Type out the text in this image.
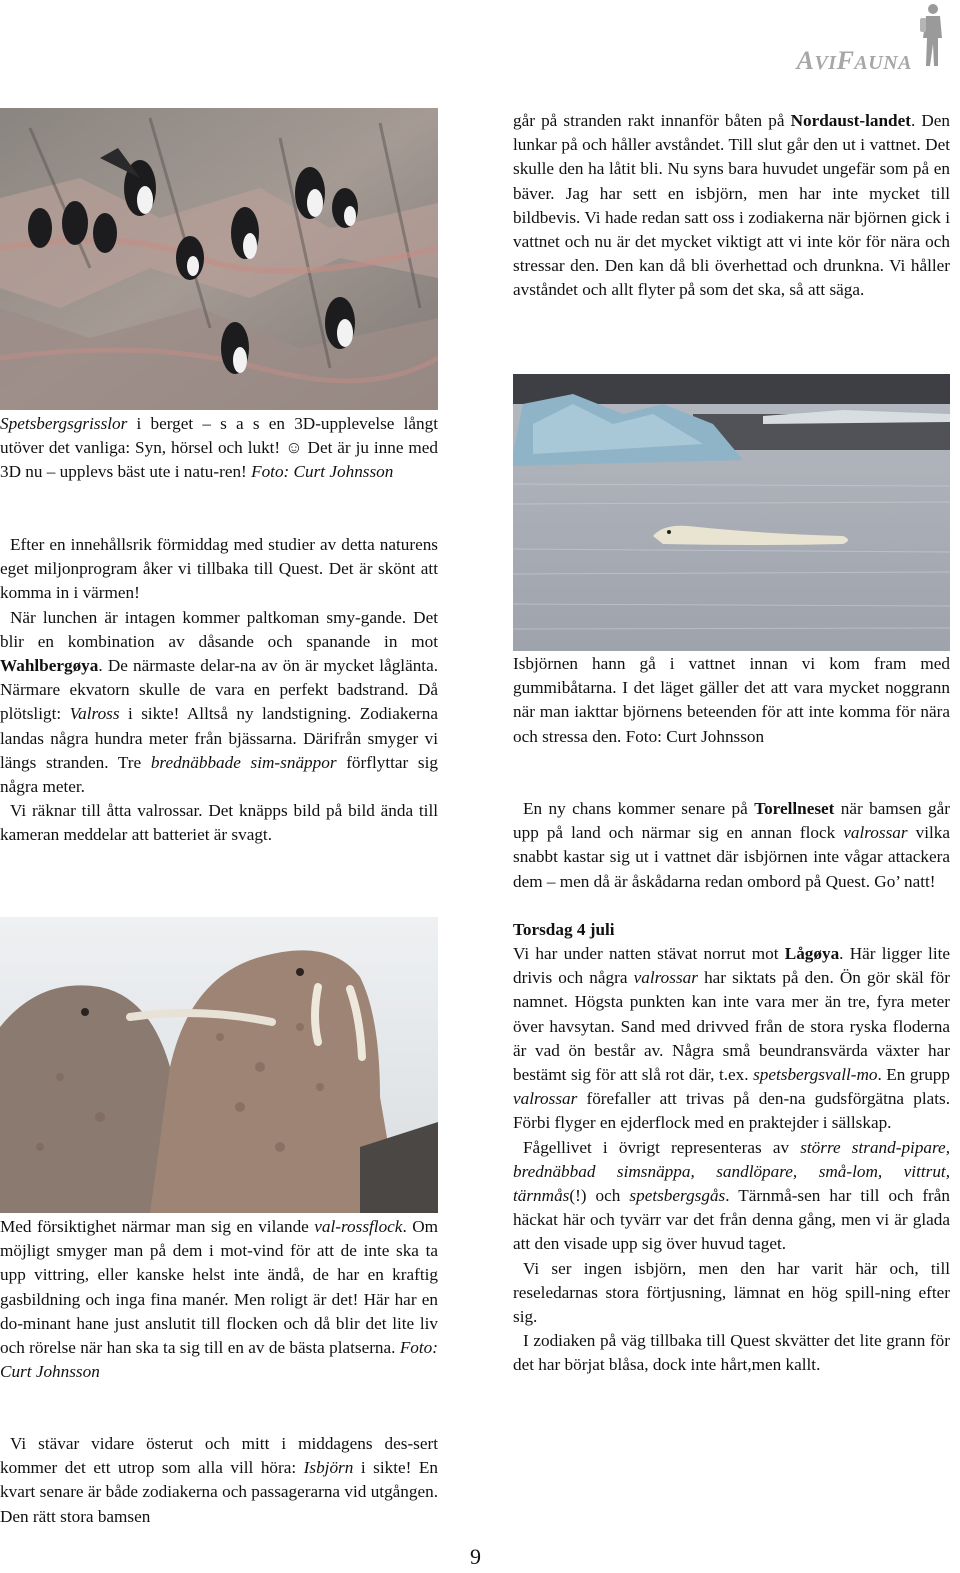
AVIFAUNA

Spetsbergsgrisslor i berget – s a s en 3D-upplevelse långt utöver det vanliga: Syn, hörsel och lukt! ☺ Det är ju inne med 3D nu – upplevs bäst ute i natu-ren! Foto: Curt Johnsson

Efter en innehållsrik förmiddag med studier av detta naturens eget miljonprogram åker vi tillbaka till Quest. Det är skönt att komma in i värmen!

När lunchen är intagen kommer paltkoman smy-gande. Det blir en kombination av dåsande och spanande in mot Wahlbergøya. De närmaste delar-na av ön är mycket låglänta. Närmare ekvatorn skulle de vara en perfekt badstrand. Då plötsligt: Valross i sikte! Alltså ny landstigning. Zodiakerna landas några hundra meter från bjässarna. Därifrån smyger vi längs stranden. Tre brednäbbade sim-snäppor förflyttar sig några meter.

Vi räknar till åtta valrossar. Det knäpps bild på bild ända till kameran meddelar att batteriet är svagt.

Med försiktighet närmar man sig en vilande val-rossflock. Om möjligt smyger man på dem i mot-vind för att de inte ska ta upp vittring, eller kanske helst inte ändå, de har en kraftig gasbildning och inga fina manér. Men roligt är det! Här har en do-minant hane just anslutit till flocken och då blir det lite liv och rörelse när han ska ta sig till en av de bästa platserna. Foto: Curt Johnsson

Vi stävar vidare österut och mitt i middagens des-sert kommer det ett utrop som alla vill höra: Isbjörn i sikte! En kvart senare är både zodiakerna och passagerarna vid utgången. Den rätt stora bamsen

går på stranden rakt innanför båten på Nordaust-landet. Den lunkar på och håller avståndet. Till slut går den ut i vattnet. Det skulle den ha låtit bli. Nu syns bara huvudet ungefär som på en bäver. Jag har sett en isbjörn, men har inte mycket till bildbevis. Vi hade redan satt oss i zodiakerna när björnen gick i vattnet och nu är det mycket viktigt att vi inte kör för nära och stressar den. Den kan då bli överhettad och drunkna. Vi håller avståndet och allt flyter på som det ska, så att säga.

Isbjörnen hann gå i vattnet innan vi kom fram med gummibåtarna. I det läget gäller det att vara mycket noggrann när man iakttar björnens beteenden för att inte komma för nära och stressa den. Foto: Curt Johnsson

En ny chans kommer senare på Torellneset när bamsen går upp på land och närmar sig en annan flock valrossar vilka snabbt kastar sig ut i vattnet där isbjörnen inte vågar attackera dem – men då är åskådarna redan ombord på Quest. Go’ natt!

Torsdag 4 juli

Vi har under natten stävat norrut mot Lågøya. Här ligger lite drivis och några valrossar har siktats på den. Ön gör skäl för namnet. Högsta punkten kan inte vara mer än tre, fyra meter över havsytan. Sand med drivved från de stora ryska floderna är vad ön består av. Några små beundransvärda växter har bestämt sig för att slå rot där, t.ex. spetsbergsvall-mo. En grupp valrossar förefaller att trivas på den-na gudsförgätna plats. Förbi flyger en ejderflock med en praktejder i sällskap.

Fågellivet i övrigt representeras av större strand-pipare, brednäbbad simsnäppa, sandlöpare, små-lom, vittrut, tärnmås(!) och spetsbergsgås. Tärnmå-sen har till och från häckat här och tyvärr var det från denna gång, men vi är glada att den visade upp sig över huvud taget.

Vi ser ingen isbjörn, men den har varit här och, till reseledarnas stora förtjusning, lämnat en hög spill-ning efter sig.

I zodiaken på väg tillbaka till Quest skvätter det lite grann för det har börjat blåsa, dock inte hårt,men kallt.

9
